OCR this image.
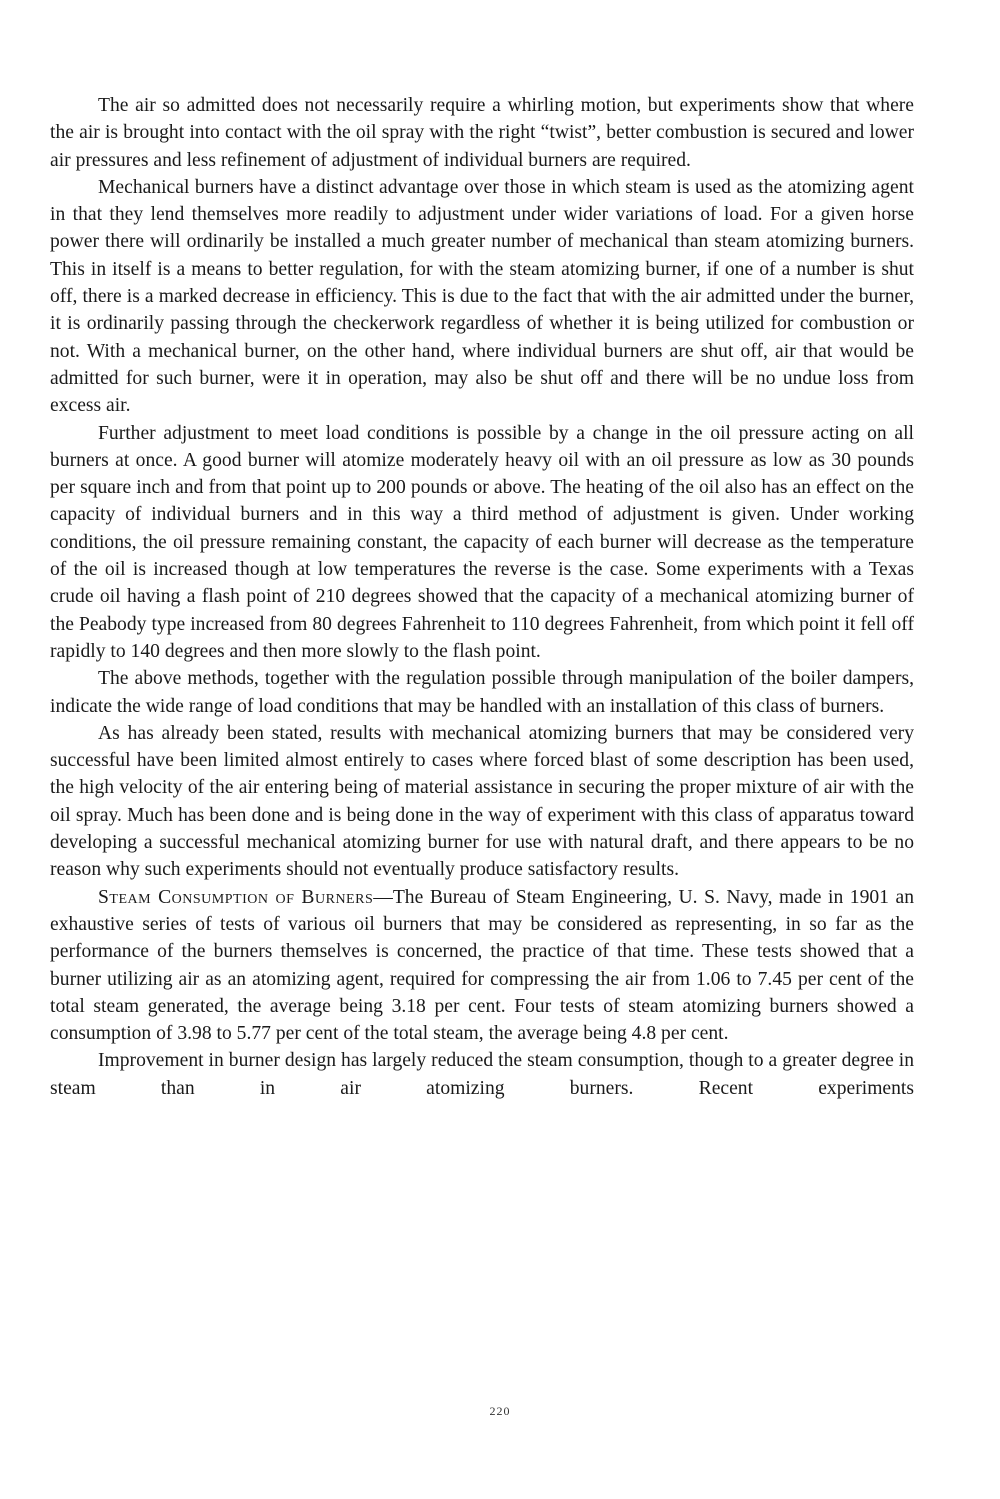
The air so admitted does not necessarily require a whirling motion, but experiments show that where the air is brought into contact with the oil spray with the right “twist”, better combustion is secured and lower air pressures and less refinement of adjustment of individual burners are required.

Mechanical burners have a distinct advantage over those in which steam is used as the atomizing agent in that they lend themselves more readily to adjustment under wider variations of load. For a given horse power there will ordinarily be installed a much greater number of mechanical than steam atomizing burners. This in itself is a means to better regulation, for with the steam atomizing burner, if one of a number is shut off, there is a marked decrease in efficiency. This is due to the fact that with the air admitted under the burner, it is ordinarily passing through the checkerwork regardless of whether it is being utilized for combustion or not. With a mechanical burner, on the other hand, where individual burners are shut off, air that would be admitted for such burner, were it in operation, may also be shut off and there will be no undue loss from excess air.

Further adjustment to meet load conditions is possible by a change in the oil pressure acting on all burners at once. A good burner will atomize moderately heavy oil with an oil pressure as low as 30 pounds per square inch and from that point up to 200 pounds or above. The heating of the oil also has an effect on the capacity of individual burners and in this way a third method of adjustment is given. Under working conditions, the oil pressure remaining constant, the capacity of each burner will decrease as the temperature of the oil is increased though at low temperatures the reverse is the case. Some experiments with a Texas crude oil having a flash point of 210 degrees showed that the capacity of a mechanical atomizing burner of the Peabody type increased from 80 degrees Fahrenheit to 110 degrees Fahrenheit, from which point it fell off rapidly to 140 degrees and then more slowly to the flash point.

The above methods, together with the regulation possible through manipulation of the boiler dampers, indicate the wide range of load conditions that may be handled with an installation of this class of burners.

As has already been stated, results with mechanical atomizing burners that may be considered very successful have been limited almost entirely to cases where forced blast of some description has been used, the high velocity of the air entering being of material assistance in securing the proper mixture of air with the oil spray. Much has been done and is being done in the way of experiment with this class of apparatus toward developing a successful mechanical atomizing burner for use with natural draft, and there appears to be no reason why such experiments should not eventually produce satisfactory results.

Steam Consumption of Burners—The Bureau of Steam Engineering, U. S. Navy, made in 1901 an exhaustive series of tests of various oil burners that may be considered as representing, in so far as the performance of the burners themselves is concerned, the practice of that time. These tests showed that a burner utilizing air as an atomizing agent, required for compressing the air from 1.06 to 7.45 per cent of the total steam generated, the average being 3.18 per cent. Four tests of steam atomizing burners showed a consumption of 3.98 to 5.77 per cent of the total steam, the average being 4.8 per cent.

Improvement in burner design has largely reduced the steam consumption, though to a greater degree in steam than in air atomizing burners. Recent experiments

220
